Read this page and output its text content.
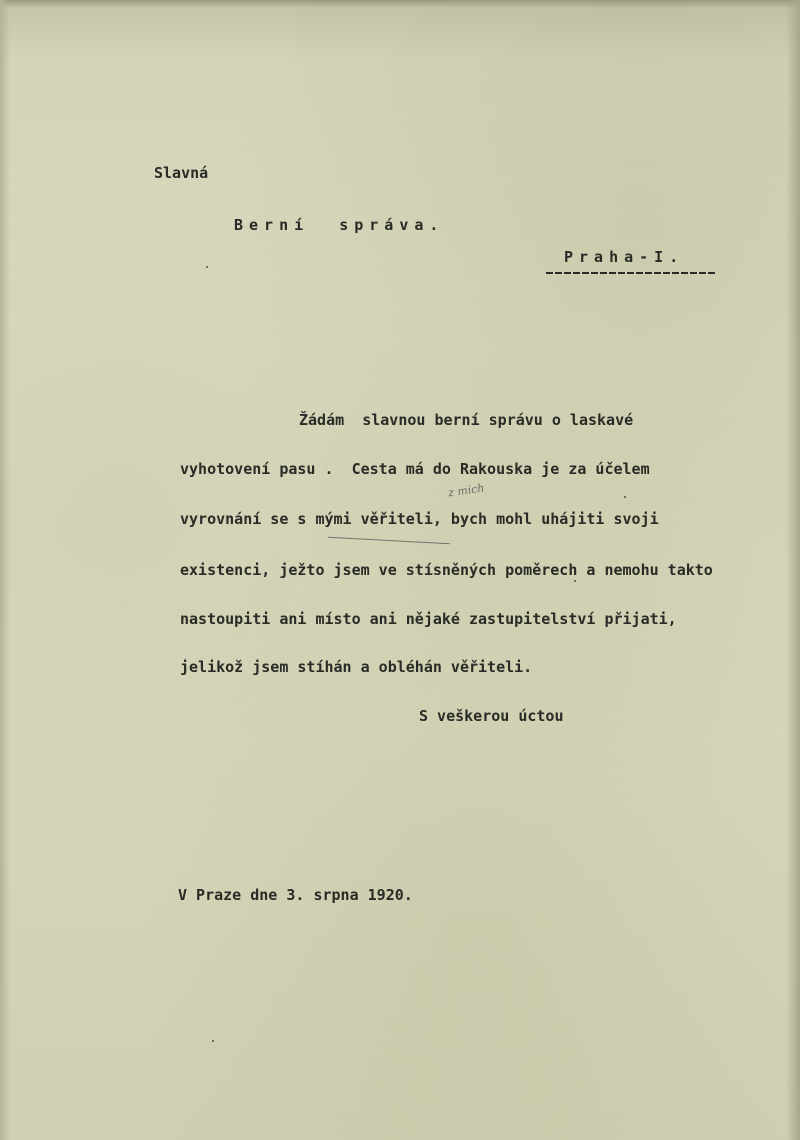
Slavná
Berní  správa.
Praha-I.
Žádám  slavnou berní správu o laskavé
vyhotovení pasu .  Cesta má do Rakouska je za účelem
vyrovnání se s mými věřiteli, bych mohl uhájiti svoji
existenci, ježto jsem ve stísněných poměrech a nemohu takto
nastoupiti ani místo ani nějaké zastupitelství přijati,
jelikož jsem stíhán a obléhán věřiteli.
z mich
S veškerou úctou
V Praze dne 3. srpna 1920.
